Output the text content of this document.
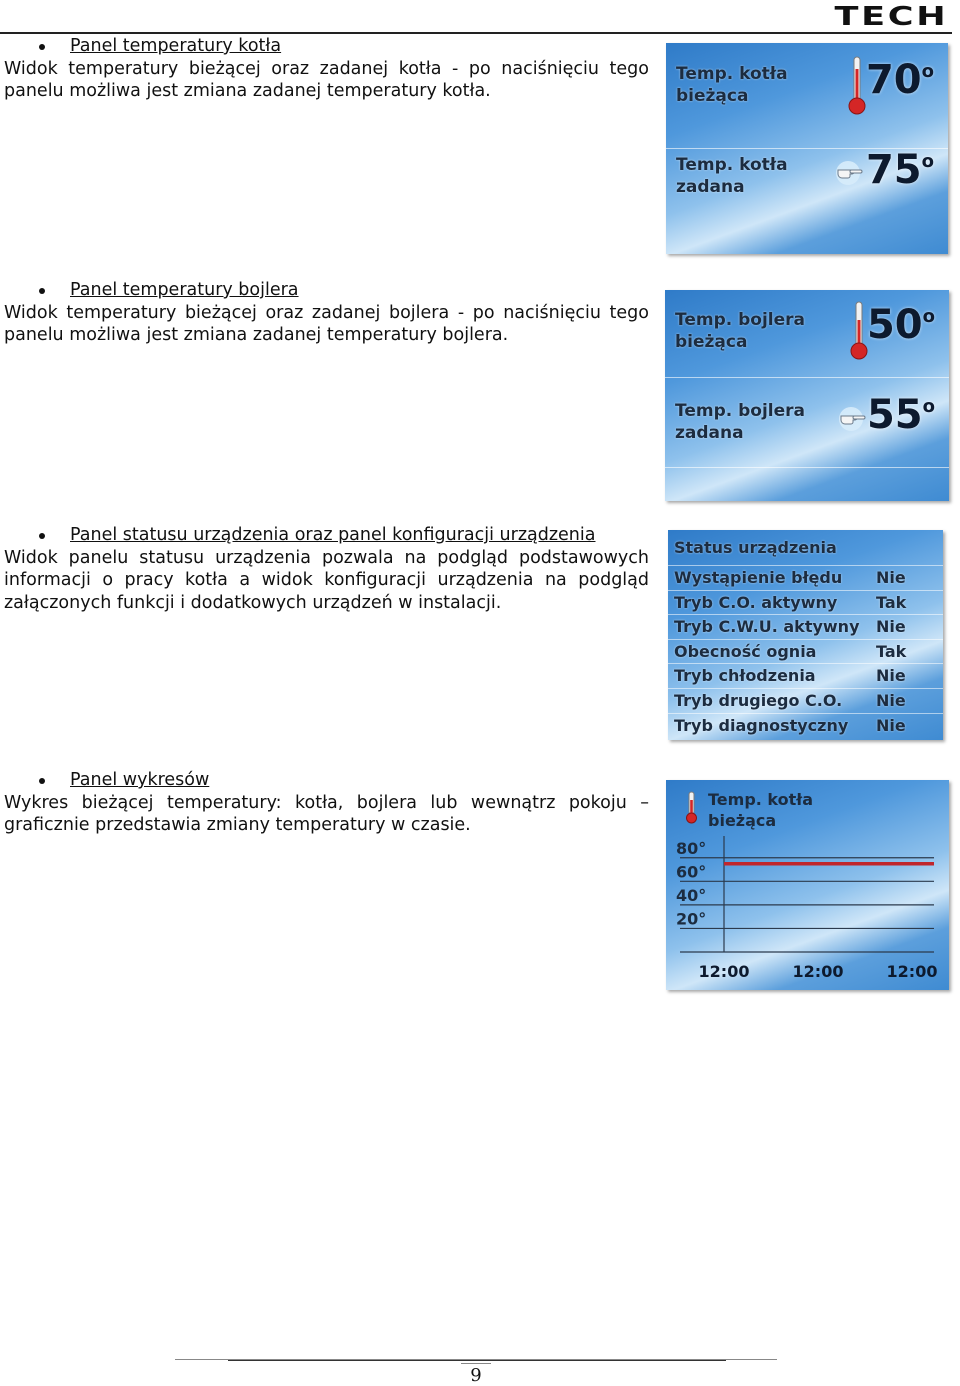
TECH
Panel temperatury kotła
Widok temperatury bieżącej oraz zadanej kotła - po naciśnięciu tego panelu możliwa jest zmiana zadanej temperatury kotła.
Temp. kotła
bieżąca	70$^o$
Temp. kotła
zadana	75$^o$
Panel temperatury bojlera
Widok temperatury bieżącej oraz zadanej bojlera - po naciśnięciu tego panelu możliwa jest zmiana zadanej temperatury bojlera.
Temp. bojlera
bieżąca	50$^o$
Temp. bojlera
zadana	55$^o$
Panel statusu urządzenia oraz panel konfiguracji urządzenia
Widok panelu statusu urządzenia pozwala na podgląd podstawowych informacji o pracy kotła a widok konfiguracji urządzenia na podgląd załączonych funkcji i dodatkowych urządzeń w instalacji.
Status urządzenia
Wystąpienie błędu Nie
Tryb C.O. aktywny Tak
Tryb C.W.U. aktywny Nie
Obecność ognia	Tak
Tryb chłodzenia	Nie
Tryb drugiego C.O. Nie
Tryb diagnostyczny Nie
Panel wykresów
Wykres bieżącej temperatury: kotła, bojlera lub wewnątrz pokoju – graficznie przedstawia zmiany temperatury w czasie.
Temp. kotła
bieżąca
80°
60°
40°
20°
12:00	12:00	12:00
9
